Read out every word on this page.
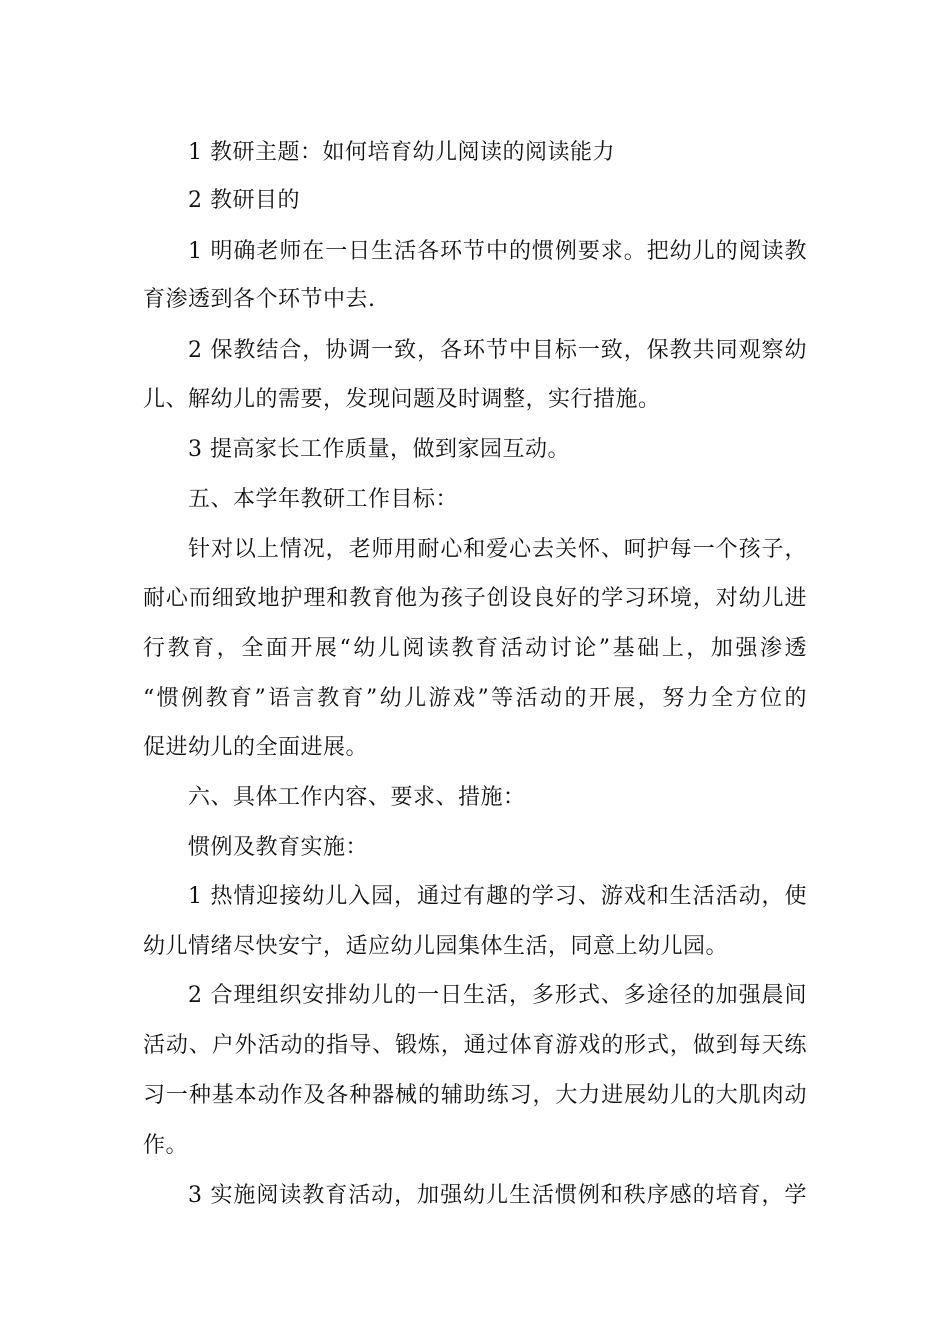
1 教研主题：如何培育幼儿阅读的阅读能力
2 教研目的
1 明确老师在一日生活各环节中的惯例要求。把幼儿的阅读教
育渗透到各个环节中去.
2 保教结合，协调一致，各环节中目标一致，保教共同观察幼
儿、解幼儿的需要，发现问题及时调整，实行措施。
3 提高家长工作质量，做到家园互动。
五、本学年教研工作目标：
针对以上情况，老师用耐心和爱心去关怀、呵护每一个孩子，
耐心而细致地护理和教育他为孩子创设良好的学习环境，对幼儿进
行教育，全面开展“幼儿阅读教育活动讨论”基础上，加强渗透
“惯例教育”语言教育”幼儿游戏”等活动的开展，努力全方位的
促进幼儿的全面进展。
六、具体工作内容、要求、措施：
惯例及教育实施：
1 热情迎接幼儿入园，通过有趣的学习、游戏和生活活动，使
幼儿情绪尽快安宁，适应幼儿园集体生活，同意上幼儿园。
2 合理组织安排幼儿的一日生活，多形式、多途径的加强晨间
活动、户外活动的指导、锻炼，通过体育游戏的形式，做到每天练
习一种基本动作及各种器械的辅助练习，大力进展幼儿的大肌肉动
作。
3 实施阅读教育活动，加强幼儿生活惯例和秩序感的培育，学
